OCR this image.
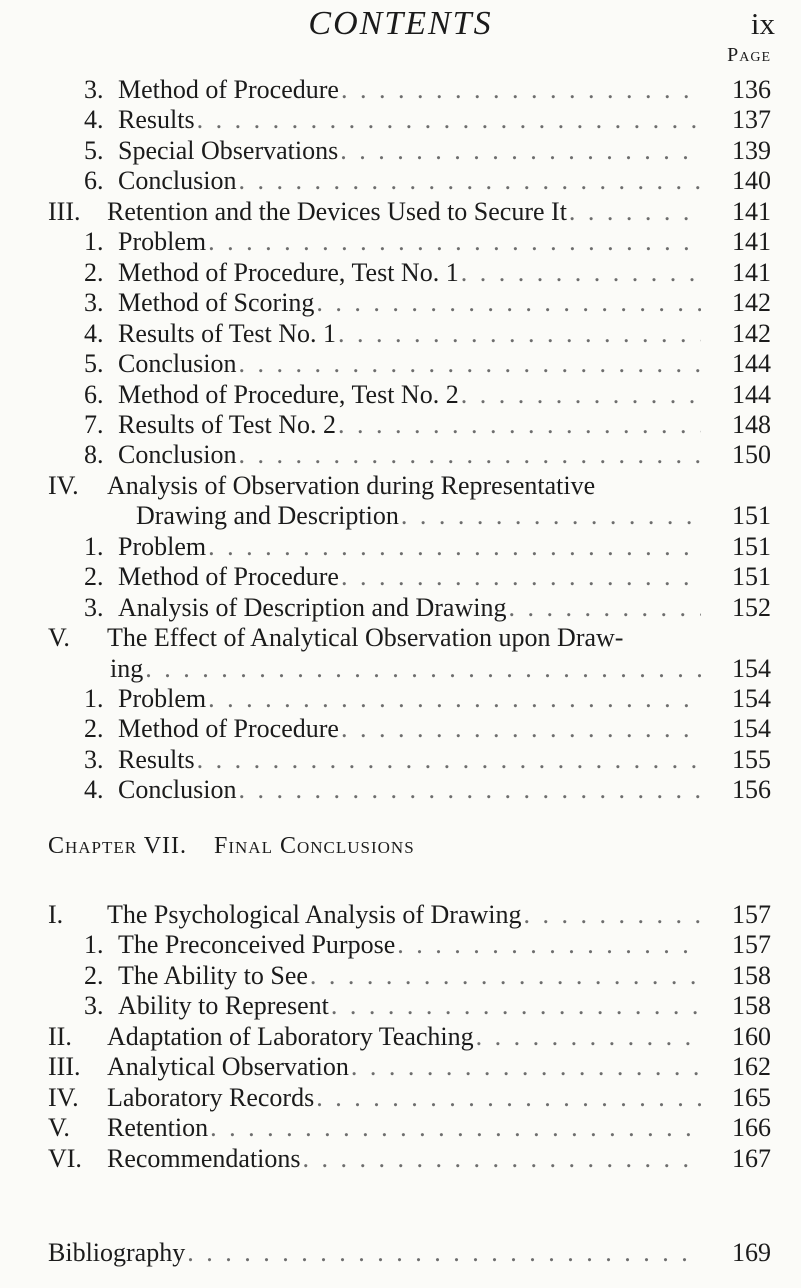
CONTENTS	ix
Page
3. Method of Procedure . . .	136
4. Results . . .	137
5. Special Observations . . .	139
6. Conclusion . . .	140
III. Retention and the Devices Used to Secure It . . .	141
1. Problem . . .	141
2. Method of Procedure, Test No. 1 . . .	141
3. Method of Scoring . . .	142
4. Results of Test No. 1 . . .	142
5. Conclusion . . .	144
6. Method of Procedure, Test No. 2 . . .	144
7. Results of Test No. 2 . . .	148
8. Conclusion . . .	150
IV. Analysis of Observation during Representative
Drawing and Description . . .	151
1. Problem . . .	151
2. Method of Procedure . . .	151
3. Analysis of Description and Drawing . . .	152
V. The Effect of Analytical Observation upon Draw-
ing . . .	154
1. Problem . . .	154
2. Method of Procedure . . .	154
3. Results . . .	155
4. Conclusion . . .	156
Chapter VII. Final Conclusions
I. The Psychological Analysis of Drawing . . .	157
1. The Preconceived Purpose . . .	157
2. The Ability to See . . .	158
3. Ability to Represent . . .	158
II. Adaptation of Laboratory Teaching . . .	160
III. Analytical Observation . . .	162
IV. Laboratory Records . . .	165
V. Retention . . .	166
VI. Recommendations . . .	167
Bibliography . . .	169
